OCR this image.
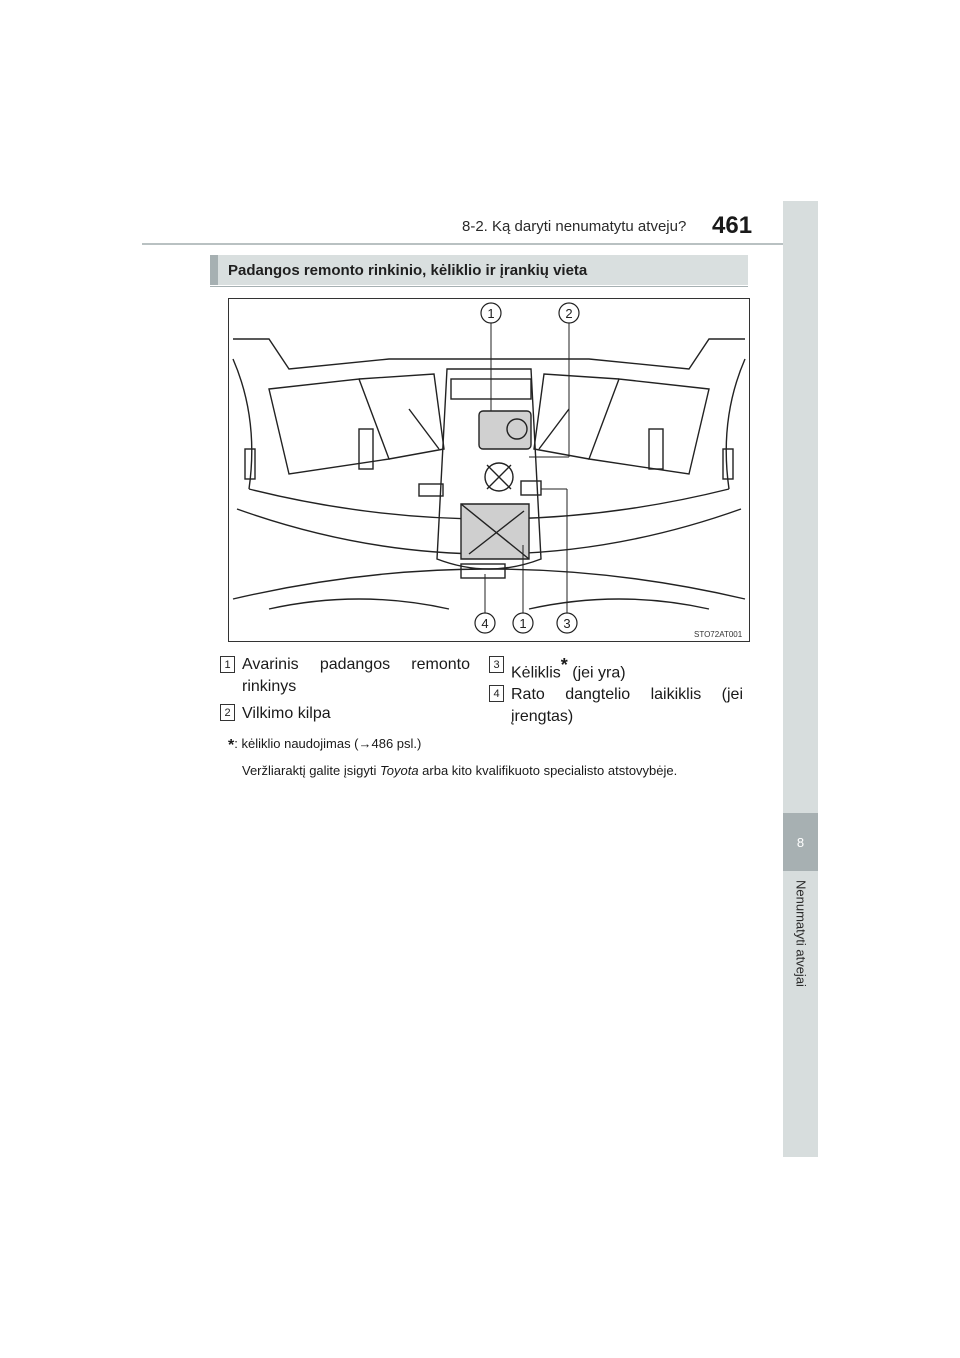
8-2. Ką daryti nenumatytu atveju? 461
8
Nenumatyti atvejai
Padangos remonto rinkinio, kėliklio ir įrankių vieta
1	2
4 1	3
STO72AT001
1 Avarinis padangos remonto rinkinys
2 Vilkimo kilpa
3 Kėliklis* (jei yra)
4 Rato dangtelio laikiklis (jei įrengtas)
*: kėliklio naudojimas (→486 psl.)
Veržliaraktį galite įsigyti Toyota arba kito kvalifikuoto specialisto atstovybėje.
